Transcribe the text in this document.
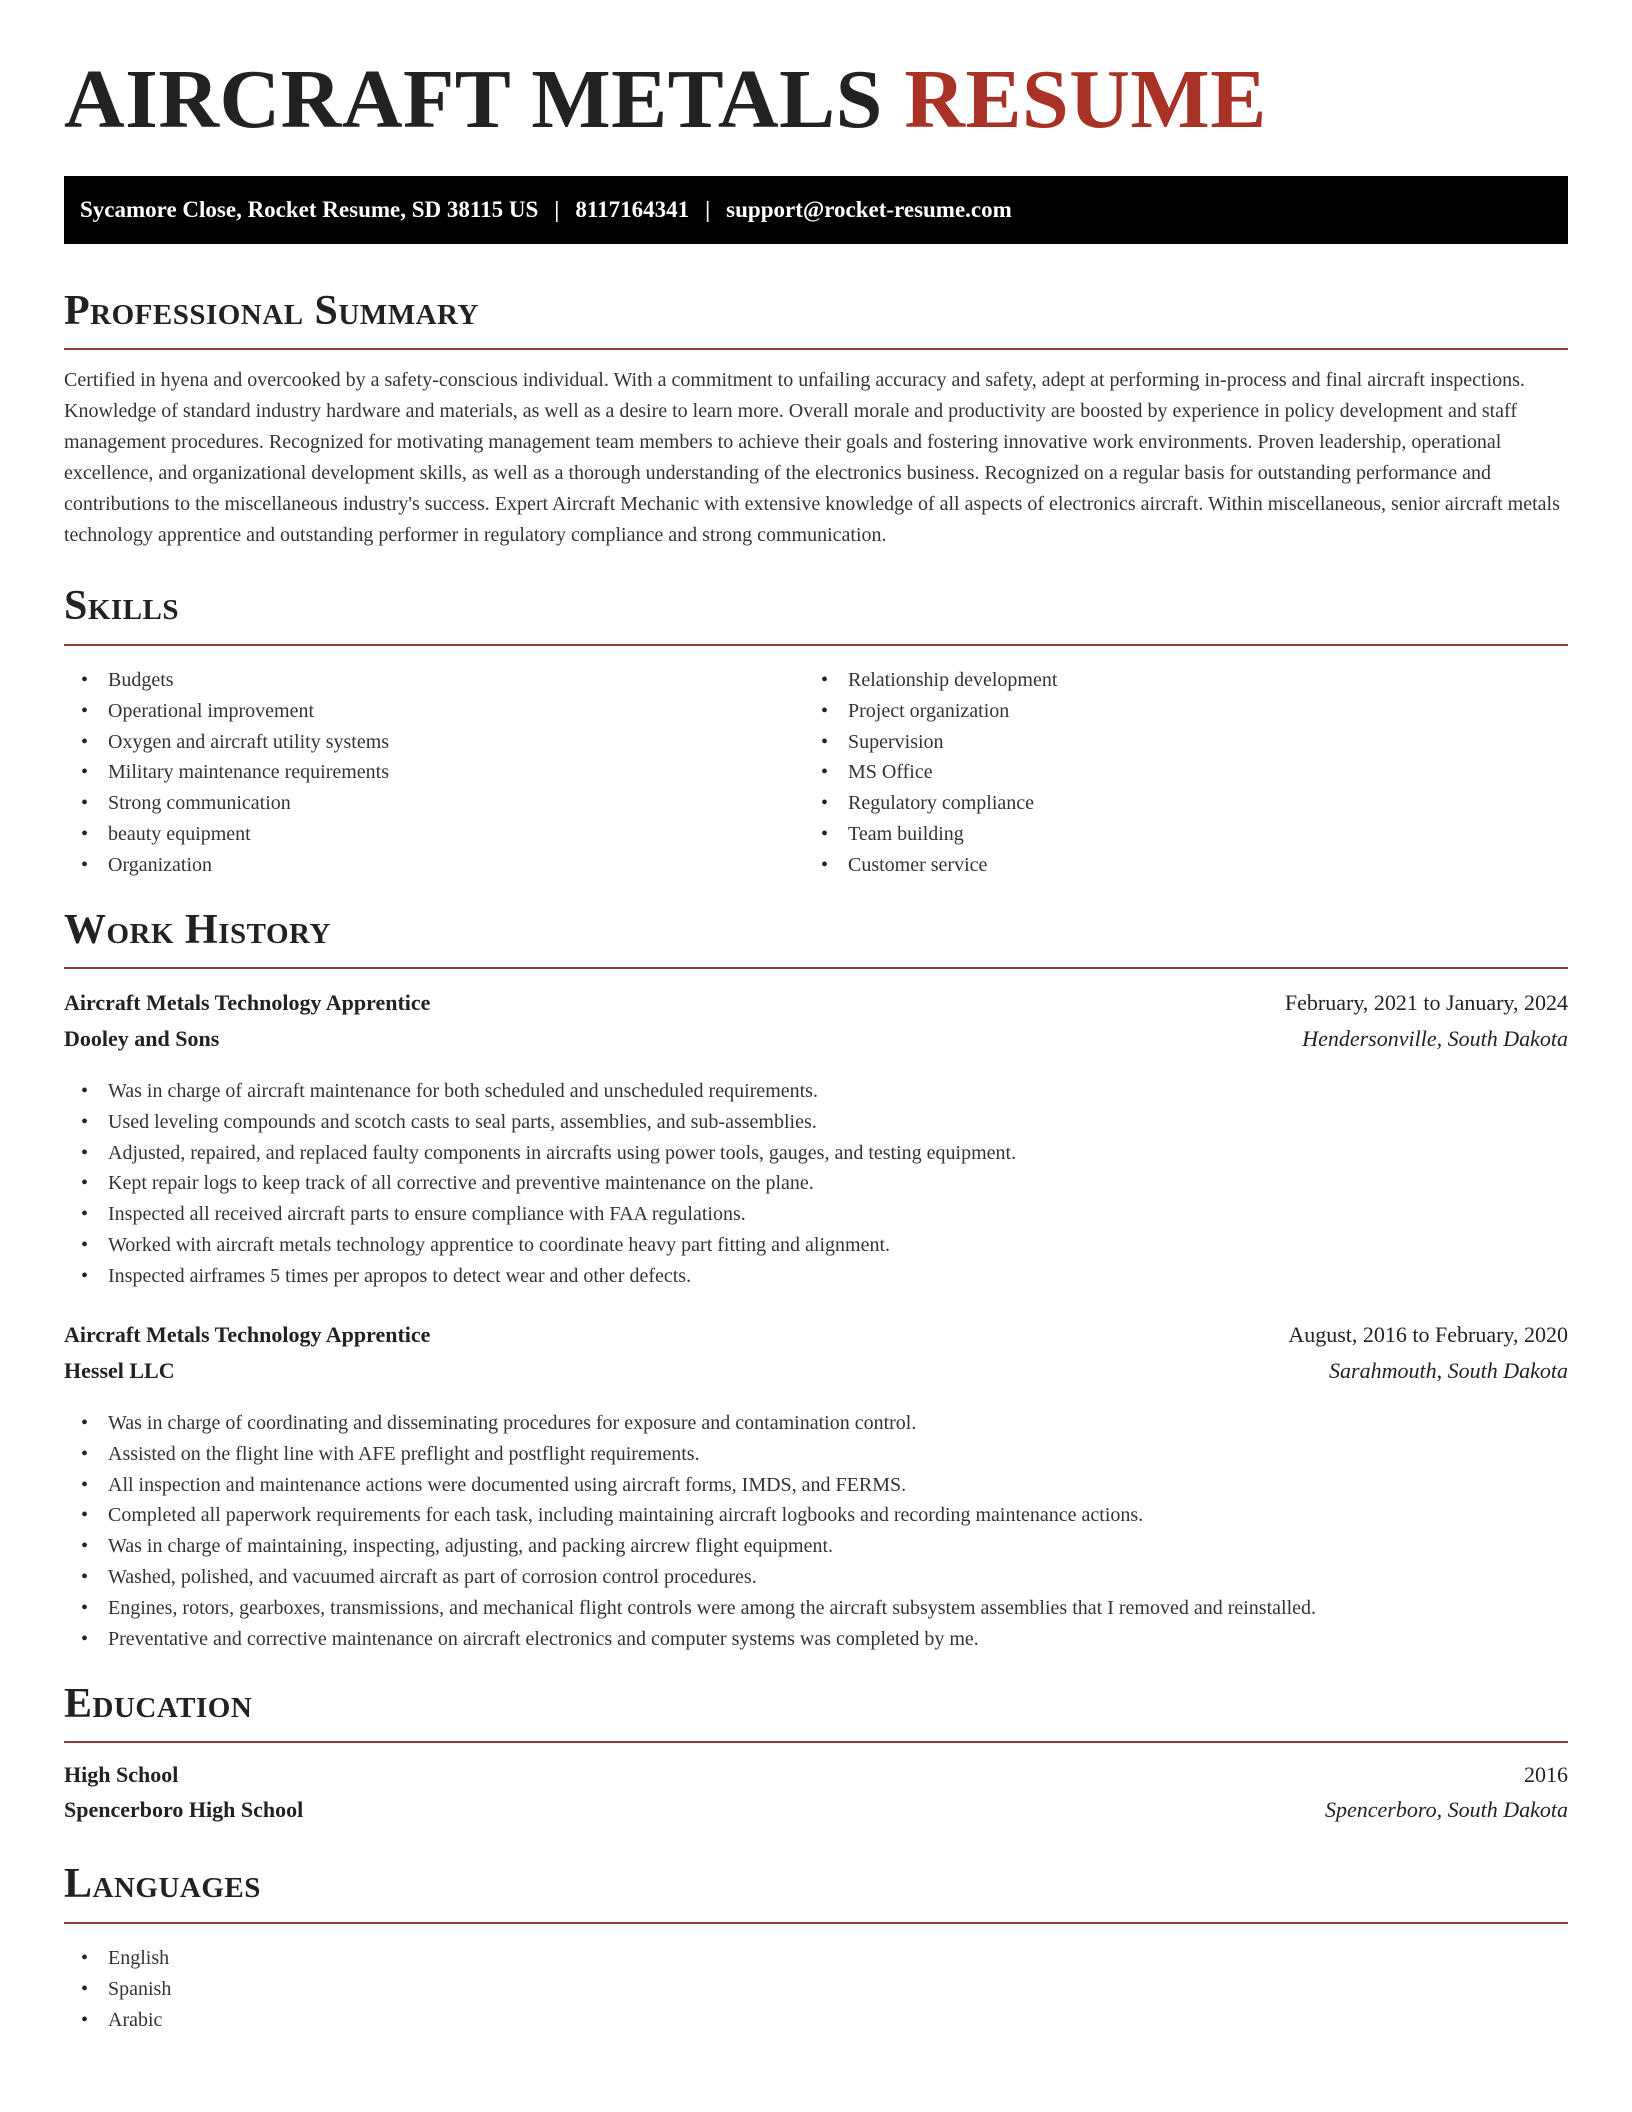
AIRCRAFT METALS RESUME
Sycamore Close, Rocket Resume, SD 38115 US | 8117164341 | support@rocket-resume.com
Professional Summary

Certified in hyena and overcooked by a safety-conscious individual. With a commitment to unfailing accuracy and safety, adept at performing in-process and final aircraft inspections. Knowledge of standard industry hardware and materials, as well as a desire to learn more. Overall morale and productivity are boosted by experience in policy development and staff management procedures. Recognized for motivating management team members to achieve their goals and fostering innovative work environments. Proven leadership, operational excellence, and organizational development skills, as well as a thorough understanding of the electronics business. Recognized on a regular basis for outstanding performance and contributions to the miscellaneous industry's success. Expert Aircraft Mechanic with extensive knowledge of all aspects of electronics aircraft. Within miscellaneous, senior aircraft metals technology apprentice and outstanding performer in regulatory compliance and strong communication.

Skills
• Budgets
• Operational improvement
• Oxygen and aircraft utility systems
• Military maintenance requirements
• Strong communication
• beauty equipment
• Organization
• Relationship development
• Project organization
• Supervision
• MS Office
• Regulatory compliance
• Team building
• Customer service
Work History
Aircraft Metals Technology Apprentice	February, 2021 to January, 2024
Dooley and Sons	Hendersonville, South Dakota
• Was in charge of aircraft maintenance for both scheduled and unscheduled requirements.
• Used leveling compounds and scotch casts to seal parts, assemblies, and sub-assemblies.
• Adjusted, repaired, and replaced faulty components in aircrafts using power tools, gauges, and testing equipment.
• Kept repair logs to keep track of all corrective and preventive maintenance on the plane.
• Inspected all received aircraft parts to ensure compliance with FAA regulations.
• Worked with aircraft metals technology apprentice to coordinate heavy part fitting and alignment.
• Inspected airframes 5 times per apropos to detect wear and other defects.
Aircraft Metals Technology Apprentice	August, 2016 to February, 2020
Hessel LLC	Sarahmouth, South Dakota
• Was in charge of coordinating and disseminating procedures for exposure and contamination control.
• Assisted on the flight line with AFE preflight and postflight requirements.
• All inspection and maintenance actions were documented using aircraft forms, IMDS, and FERMS.
• Completed all paperwork requirements for each task, including maintaining aircraft logbooks and recording maintenance actions.
• Was in charge of maintaining, inspecting, adjusting, and packing aircrew flight equipment.
• Washed, polished, and vacuumed aircraft as part of corrosion control procedures.
• Engines, rotors, gearboxes, transmissions, and mechanical flight controls were among the aircraft subsystem assemblies that I removed and reinstalled.
• Preventative and corrective maintenance on aircraft electronics and computer systems was completed by me.
Education
High School	2016
Spencerboro High School	Spencerboro, South Dakota
Languages
• English
• Spanish
• Arabic
